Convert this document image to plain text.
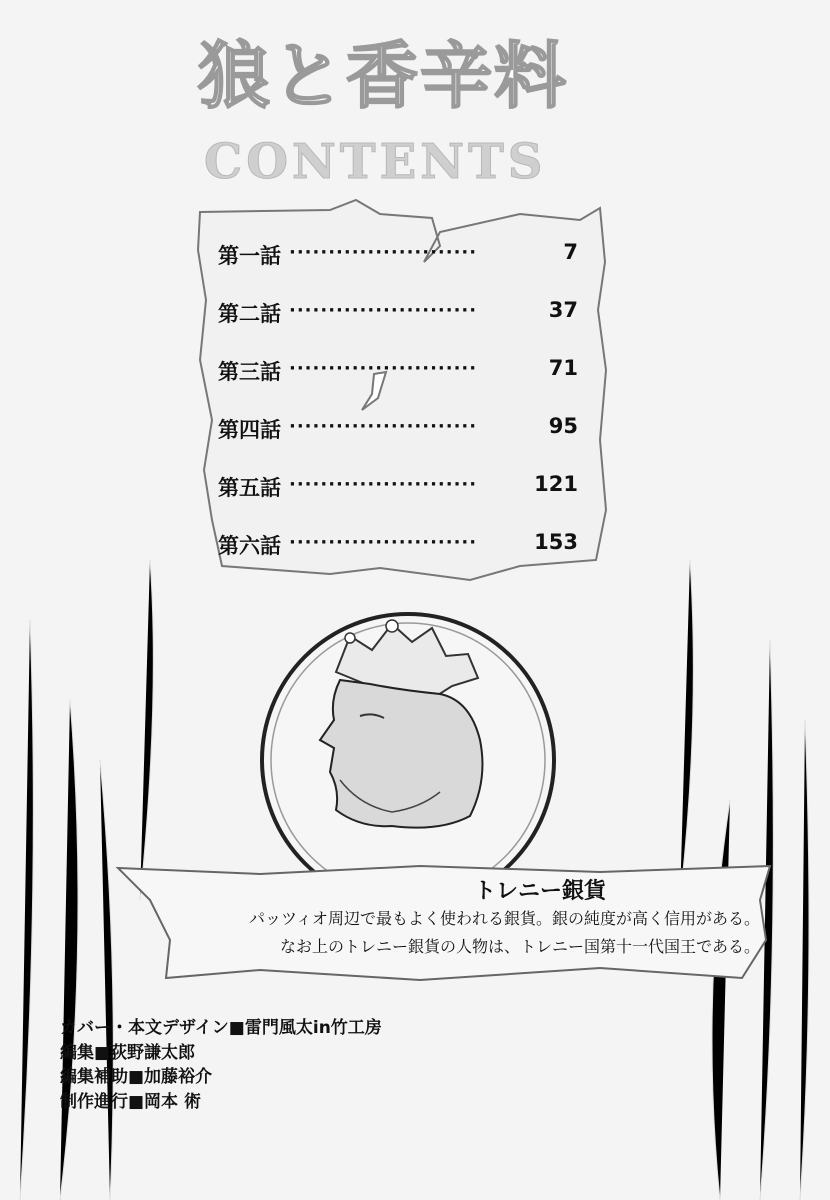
狼と香辛料
CONTENTS
第一話 ························	7
第二話 ························	37
第三話 ························	71
第四話 ························	95
第五話 ························	121
第六話 ························	153
トレニー銀貨
パッツィオ周辺で最もよく使われる銀貨。銀の純度が高く信用がある。
なお上のトレニー銀貨の人物は、トレニー国第十一代国王である。
カバー・本文デザイン■雷門風太in竹工房
編集■荻野謙太郎
編集補助■加藤裕介
制作進行■岡本 術
